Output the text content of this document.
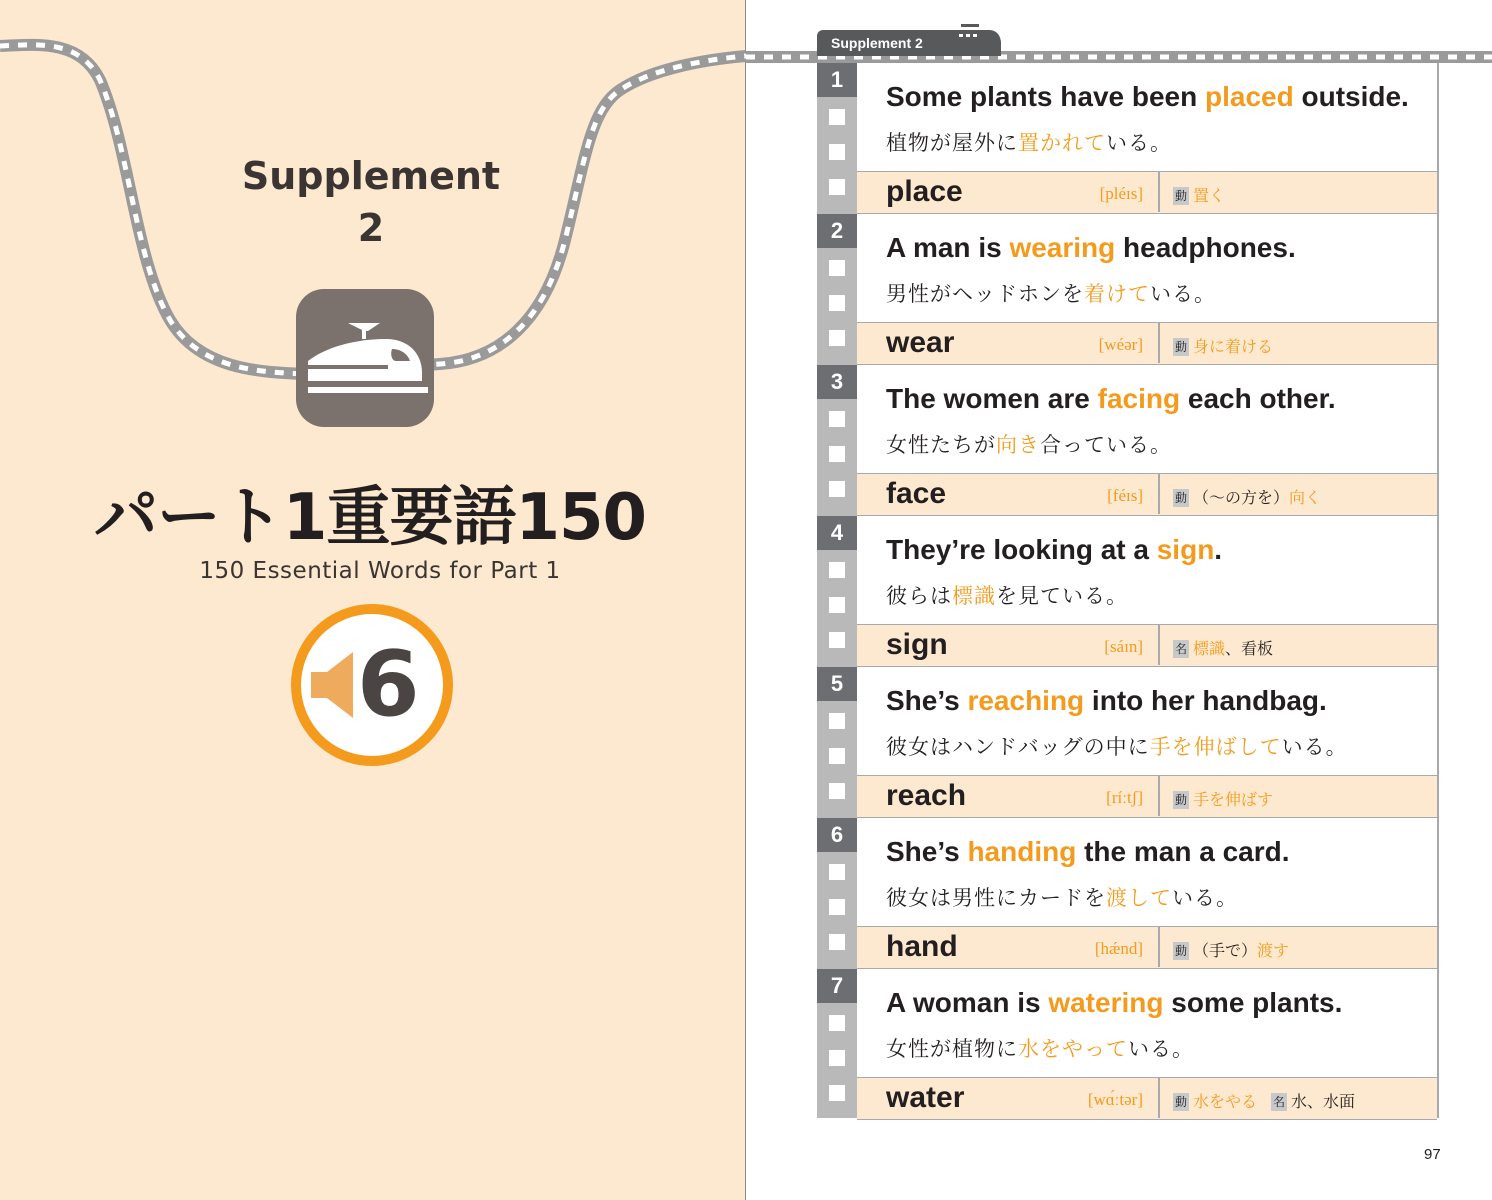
Supplement
2
パート1重要語150
150 Essential Words for Part 1
6
Supplement 2
1
2
3
4
5
6
7
Some plants have been placed outside.
植物が屋外に置かれている。
place	[pléɪs]	動 置く
A man is wearing headphones.
男性がヘッドホンを着けている。
wear	[wéər]	動 身に着ける
The women are facing each other.
女性たちが向き合っている。
face	[féɪs]	動 （〜の方を）向く
They’re looking at a sign.
彼らは標識を見ている。
sign	[sáɪn]	名 標識、看板
She’s reaching into her handbag.
彼女はハンドバッグの中に手を伸ばしている。
reach	[ríːtʃ]	動 手を伸ばす
She’s handing the man a card.
彼女は男性にカードを渡している。
hand	[hǽnd]	動 （手で）渡す
A woman is watering some plants.
女性が植物に水をやっている。
water	[wɑ́ːtər]	動 水をやる 名 水、水面
97
